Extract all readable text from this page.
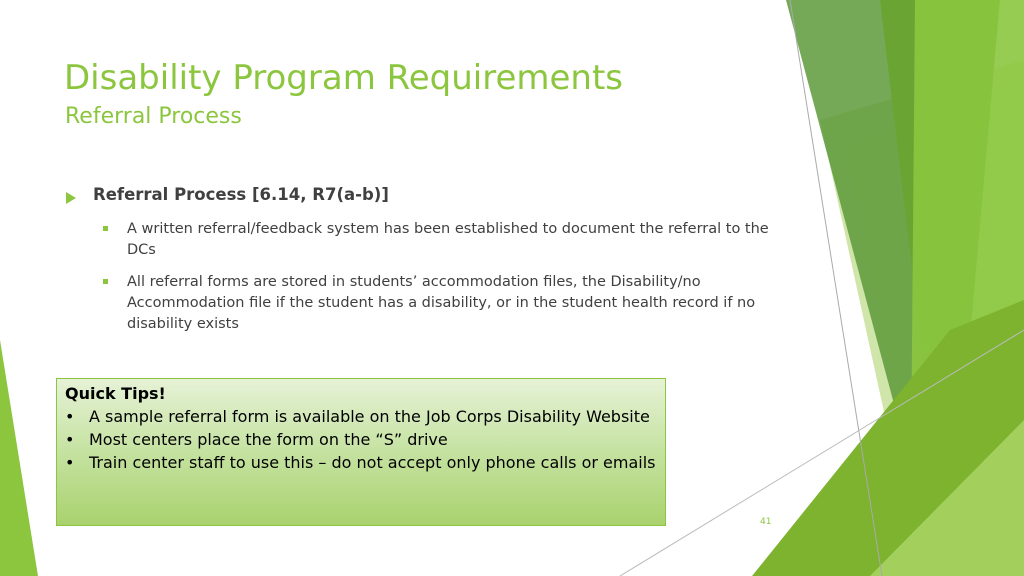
Disability Program Requirements
Referral Process
Referral Process [6.14, R7(a-b)]
A written referral/feedback system has been established to document the referral to the DCs
All referral forms are stored in students’ accommodation files, the Disability/no Accommodation file if the student has a disability, or in the student health record if no disability exists
Quick Tips!
• A sample referral form is available on the Job Corps Disability Website
• Most centers place the form on the “S” drive
• Train center staff to use this – do not accept only phone calls or emails
41
